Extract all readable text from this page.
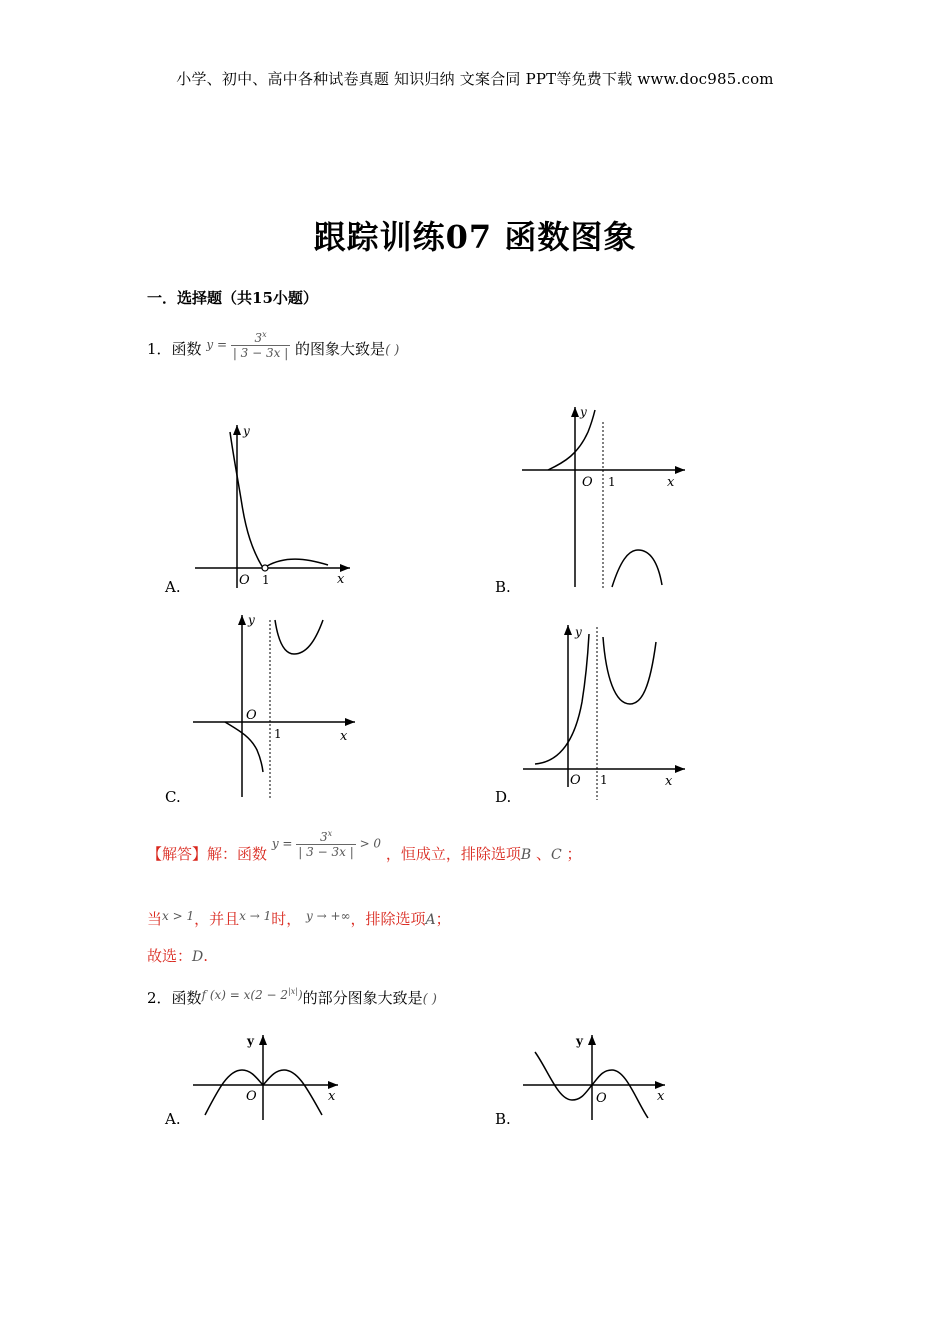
小学、初中、高中各种试卷真题 知识归纳 文案合同 PPT等免费下载 www.doc985.com
跟踪训练07 函数图象
一．选择题（共15小题）
1．函数 $y = \frac{3^x}{| 3 - 3x |}$ 的图象大致是( )
y
x
O 1
A.
y
x
O 1
B.
y
x
O
1
C.
y
x
O 1
D.
【解答】解：函数 $y = \frac{3^x}{| 3 - 3x |} > 0$ ，恒成立，排除选项B 、C ；
当$^{x > 1}$，并且$^{x \to 1}$时， $^{y \to +\infty}$，排除选项A；
故选：D.
2．函数$^{f (x) = x(2 - 2^{|x|})}$的部分图象大致是( )
y
x
O
A.
y
x
O
B.
